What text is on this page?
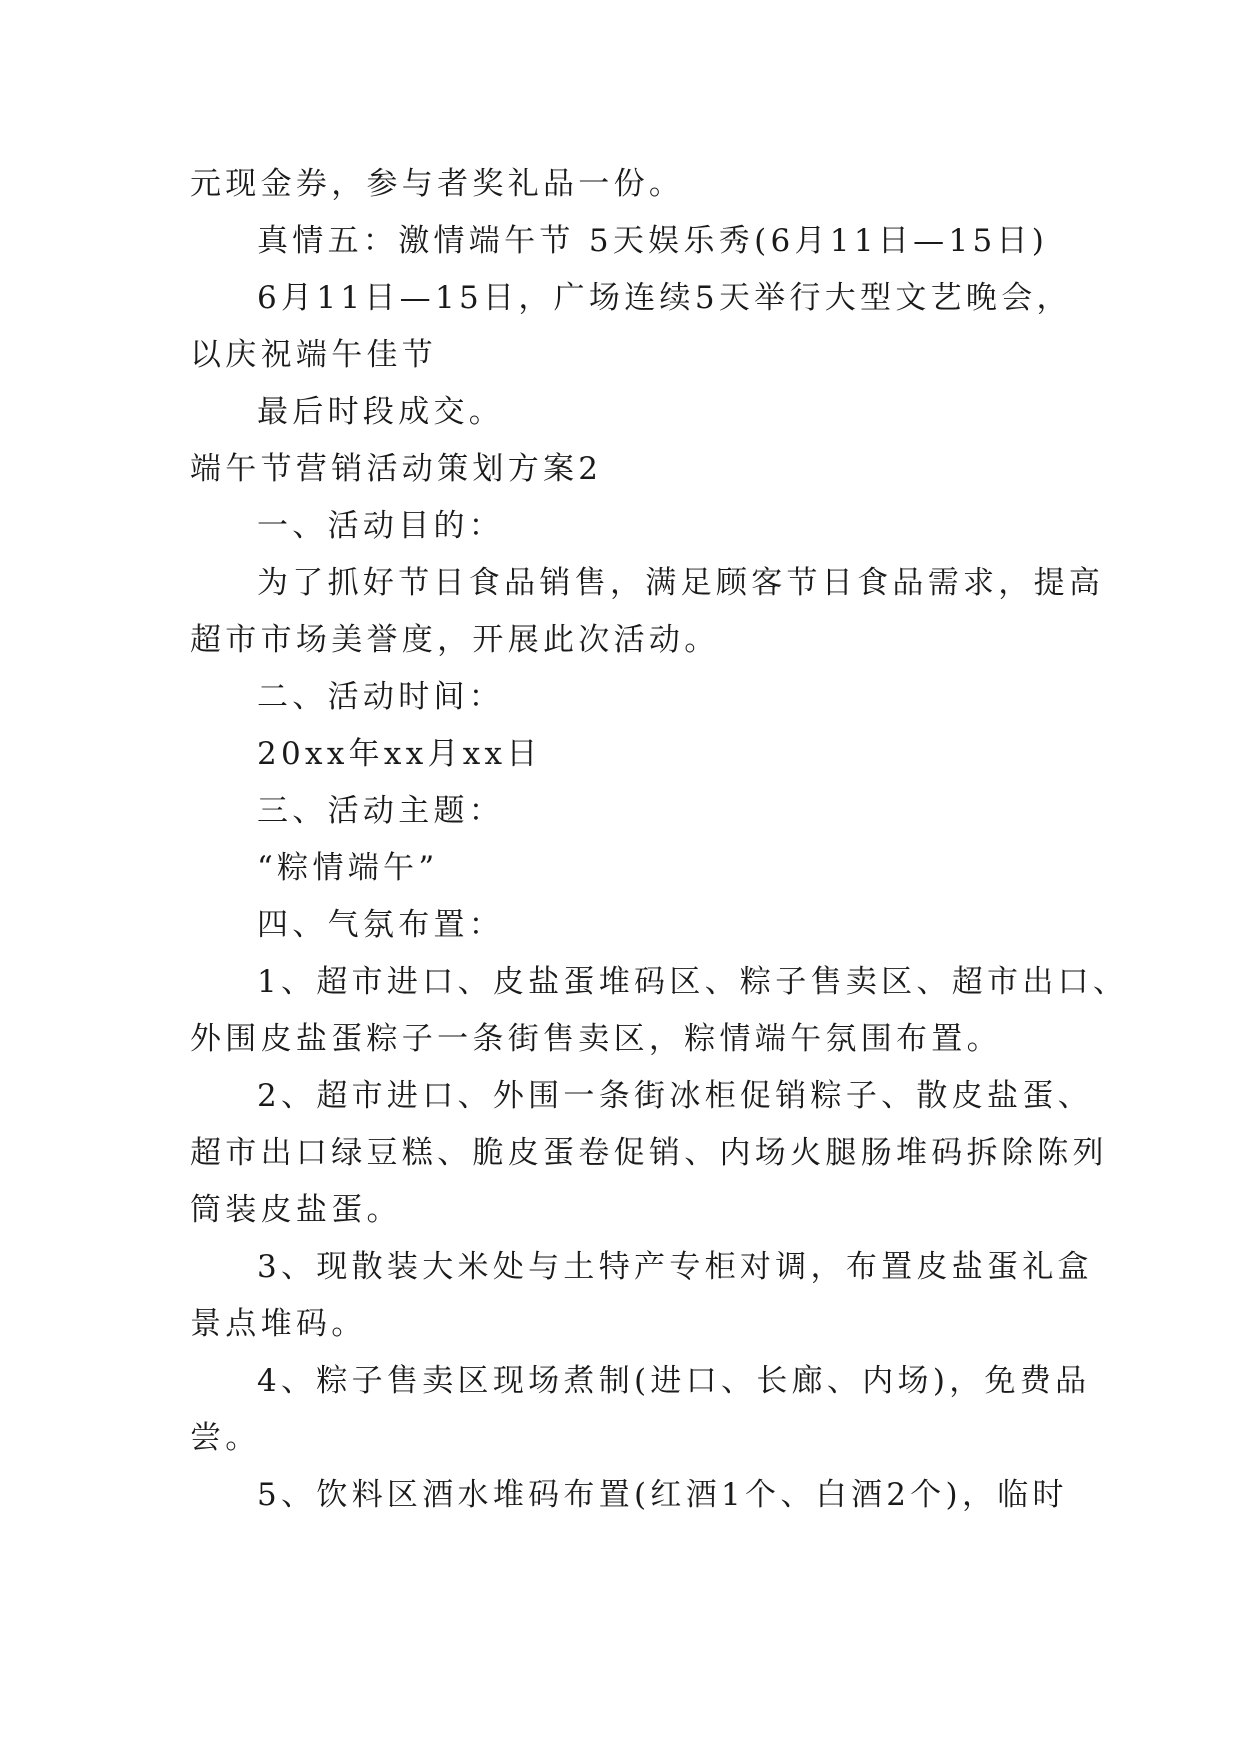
元现金券，参与者奖礼品一份。
真情五：激情端午节 5天娱乐秀(6月11日—15日)
6月11日—15日，广场连续5天举行大型文艺晚会，
以庆祝端午佳节
最后时段成交。
端午节营销活动策划方案2
一、活动目的：
为了抓好节日食品销售，满足顾客节日食品需求，提高
超市市场美誉度，开展此次活动。
二、活动时间：
20xx年xx月xx日
三、活动主题：
“粽情端午”
四、气氛布置：
1、超市进口、皮盐蛋堆码区、粽子售卖区、超市出口、
外围皮盐蛋粽子一条街售卖区，粽情端午氛围布置。
2、超市进口、外围一条街冰柜促销粽子、散皮盐蛋、
超市出口绿豆糕、脆皮蛋卷促销、内场火腿肠堆码拆除陈列
筒装皮盐蛋。
3、现散装大米处与土特产专柜对调，布置皮盐蛋礼盒
景点堆码。
4、粽子售卖区现场煮制(进口、长廊、内场)，免费品
尝。
5、饮料区酒水堆码布置(红酒1个、白酒2个)，临时
